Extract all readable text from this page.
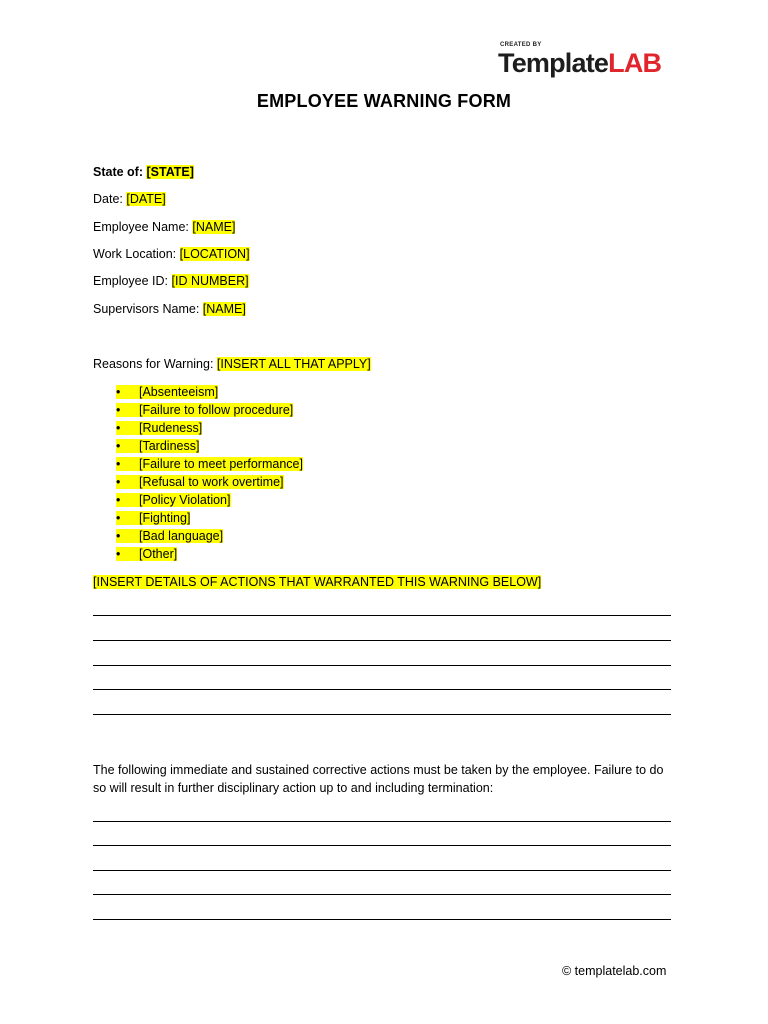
CREATED BY
TemplateLAB
EMPLOYEE WARNING FORM
State of: [STATE]
Date: [DATE]
Employee Name: [NAME]
Work Location: [LOCATION]
Employee ID: [ID NUMBER]
Supervisors Name: [NAME]
Reasons for Warning: [INSERT ALL THAT APPLY]
•	[Absenteeism]
•	[Failure to follow procedure]
•	[Rudeness]
•	[Tardiness]
•	[Failure to meet performance]
•	[Refusal to work overtime]
•	[Policy Violation]
•	[Fighting]
•	[Bad language]
•	[Other]
[INSERT DETAILS OF ACTIONS THAT WARRANTED THIS WARNING BELOW]
The following immediate and sustained corrective actions must be taken by the employee. Failure to do so will result in further disciplinary action up to and including termination:
© templatelab.com
